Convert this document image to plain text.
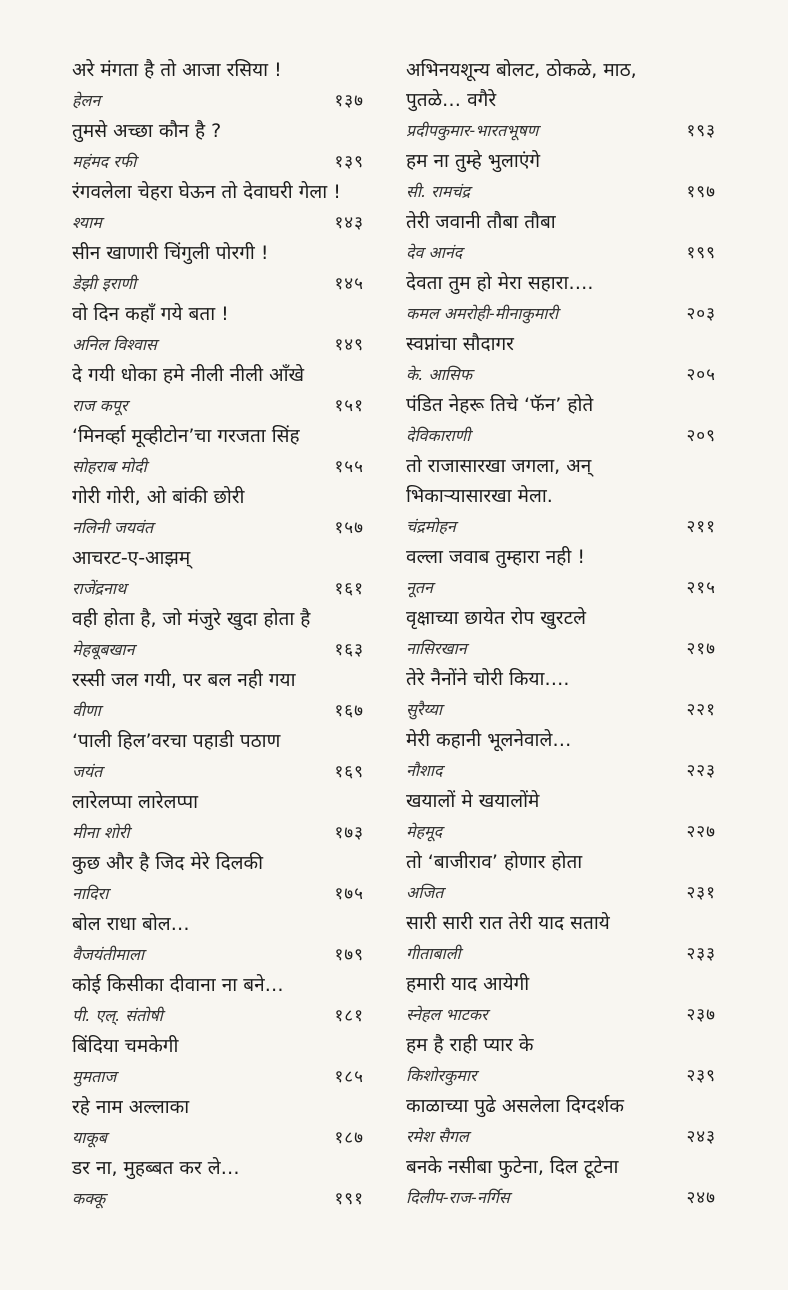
अरे मंगता है तो आजा रसिया !
हेलन	१३७
तुमसे अच्छा कौन है ?
महंमद रफी	१३९
रंगवलेला चेहरा घेऊन तो देवाघरी गेला !
श्याम	१४३
सीन खाणारी चिंगुली पोरगी !
डेझी इराणी	१४५
वो दिन कहाँ गये बता !
अनिल विश्वास	१४९
दे गयी धोका हमे नीली नीली आँखे
राज कपूर	१५१
‘मिनर्व्हा मूव्हीटोन’चा गरजता सिंह
सोहराब मोदी	१५५
गोरी गोरी, ओ बांकी छोरी
नलिनी जयवंत	१५७
आचरट-ए-आझम्
राजेंद्रनाथ	१६१
वही होता है, जो मंजुरे खुदा होता है
मेहबूबखान	१६३
रस्सी जल गयी, पर बल नही गया
वीणा	१६७
‘पाली हिल’वरचा पहाडी पठाण
जयंत	१६९
लारेलप्पा लारेलप्पा
मीना शोरी	१७३
कुछ और है जिद मेरे दिलकी
नादिरा	१७५
बोल राधा बोल…
वैजयंतीमाला	१७९
कोई किसीका दीवाना ना बने…
पी. एल्. संतोषी	१८१
बिंदिया चमकेगी
मुमताज	१८५
रहे नाम अल्लाका
याकूब	१८७
डर ना, मुहब्बत कर ले…
कक्कू	१९१
अभिनयशून्य बोलट, ठोकळे, माठ,
पुतळे… वगैरे
प्रदीपकुमार-भारतभूषण	१९३
हम ना तुम्हे भुलाएंगे
सी. रामचंद्र	१९७
तेरी जवानी तौबा तौबा
देव आनंद	१९९
देवता तुम हो मेरा सहारा….
कमल अमरोही-मीनाकुमारी	२०३
स्वप्नांचा सौदागर
के. आसिफ	२०५
पंडित नेहरू तिचे ‘फॅन’ होते
देविकाराणी	२०९
तो राजासारखा जगला, अन्
भिकाऱ्यासारखा मेला.
चंद्रमोहन	२११
वल्ला जवाब तुम्हारा नही !
नूतन	२१५
वृक्षाच्या छायेत रोप खुरटले
नासिरखान	२१७
तेरे नैनोंने चोरी किया….
सुरैय्या	२२१
मेरी कहानी भूलनेवाले…
नौशाद	२२३
खयालों मे खयालोंमे
मेहमूद	२२७
तो ‘बाजीराव’ होणार होता
अजित	२३१
सारी सारी रात तेरी याद सताये
गीताबाली	२३३
हमारी याद आयेगी
स्नेहल भाटकर	२३७
हम है राही प्यार के
किशोरकुमार	२३९
काळाच्या पुढे असलेला दिग्दर्शक
रमेश सैगल	२४३
बनके नसीबा फुटेना, दिल टूटेना
दिलीप-राज-नर्गिस	२४७
